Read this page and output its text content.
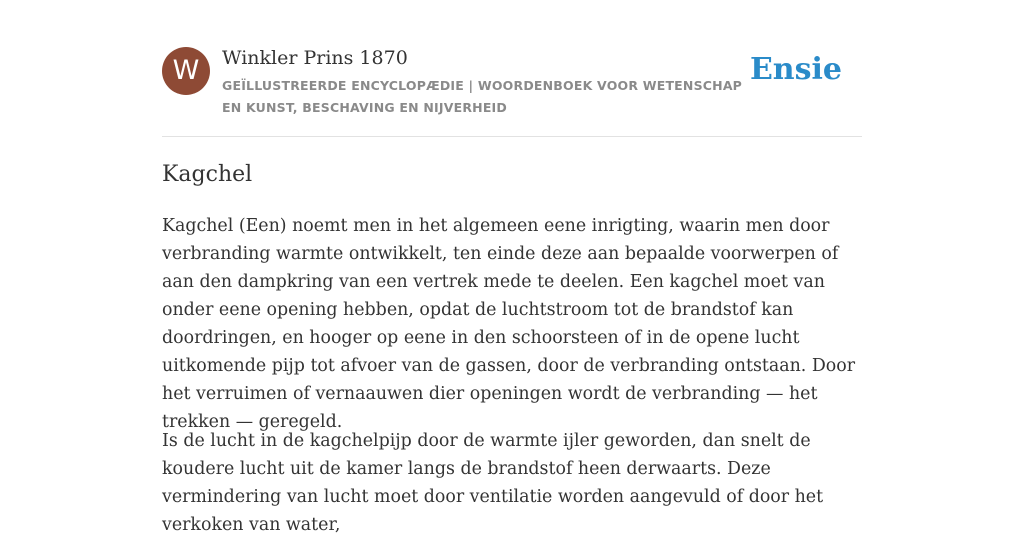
W	Winkler Prins 1870
GEÏLLUSTREERDE ENCYCLOPÆDIE | WOORDENBOEK VOOR WETENSCHAP EN KUNST, BESCHAVING EN NIJVERHEID
Ensie
Kagchel

Kagchel (Een) noemt men in het algemeen eene inrigting, waarin men door verbranding warmte ontwikkelt, ten einde deze aan bepaalde voorwerpen of aan den dampkring van een vertrek mede te deelen. Een kagchel moet van onder eene opening hebben, opdat de luchtstroom tot de brandstof kan doordringen, en hooger op eene in den schoorsteen of in de opene lucht uitkomende pijp tot afvoer van de gassen, door de verbranding ontstaan. Door het verruimen of vernaauwen dier openingen wordt de verbranding — het trekken — geregeld.

Is de lucht in de kagchelpijp door de warmte ijler geworden, dan snelt de koudere lucht uit de kamer langs de brandstof heen derwaarts. Deze vermindering van lucht moet door ventilatie worden aangevuld of door het verkoken van water,
